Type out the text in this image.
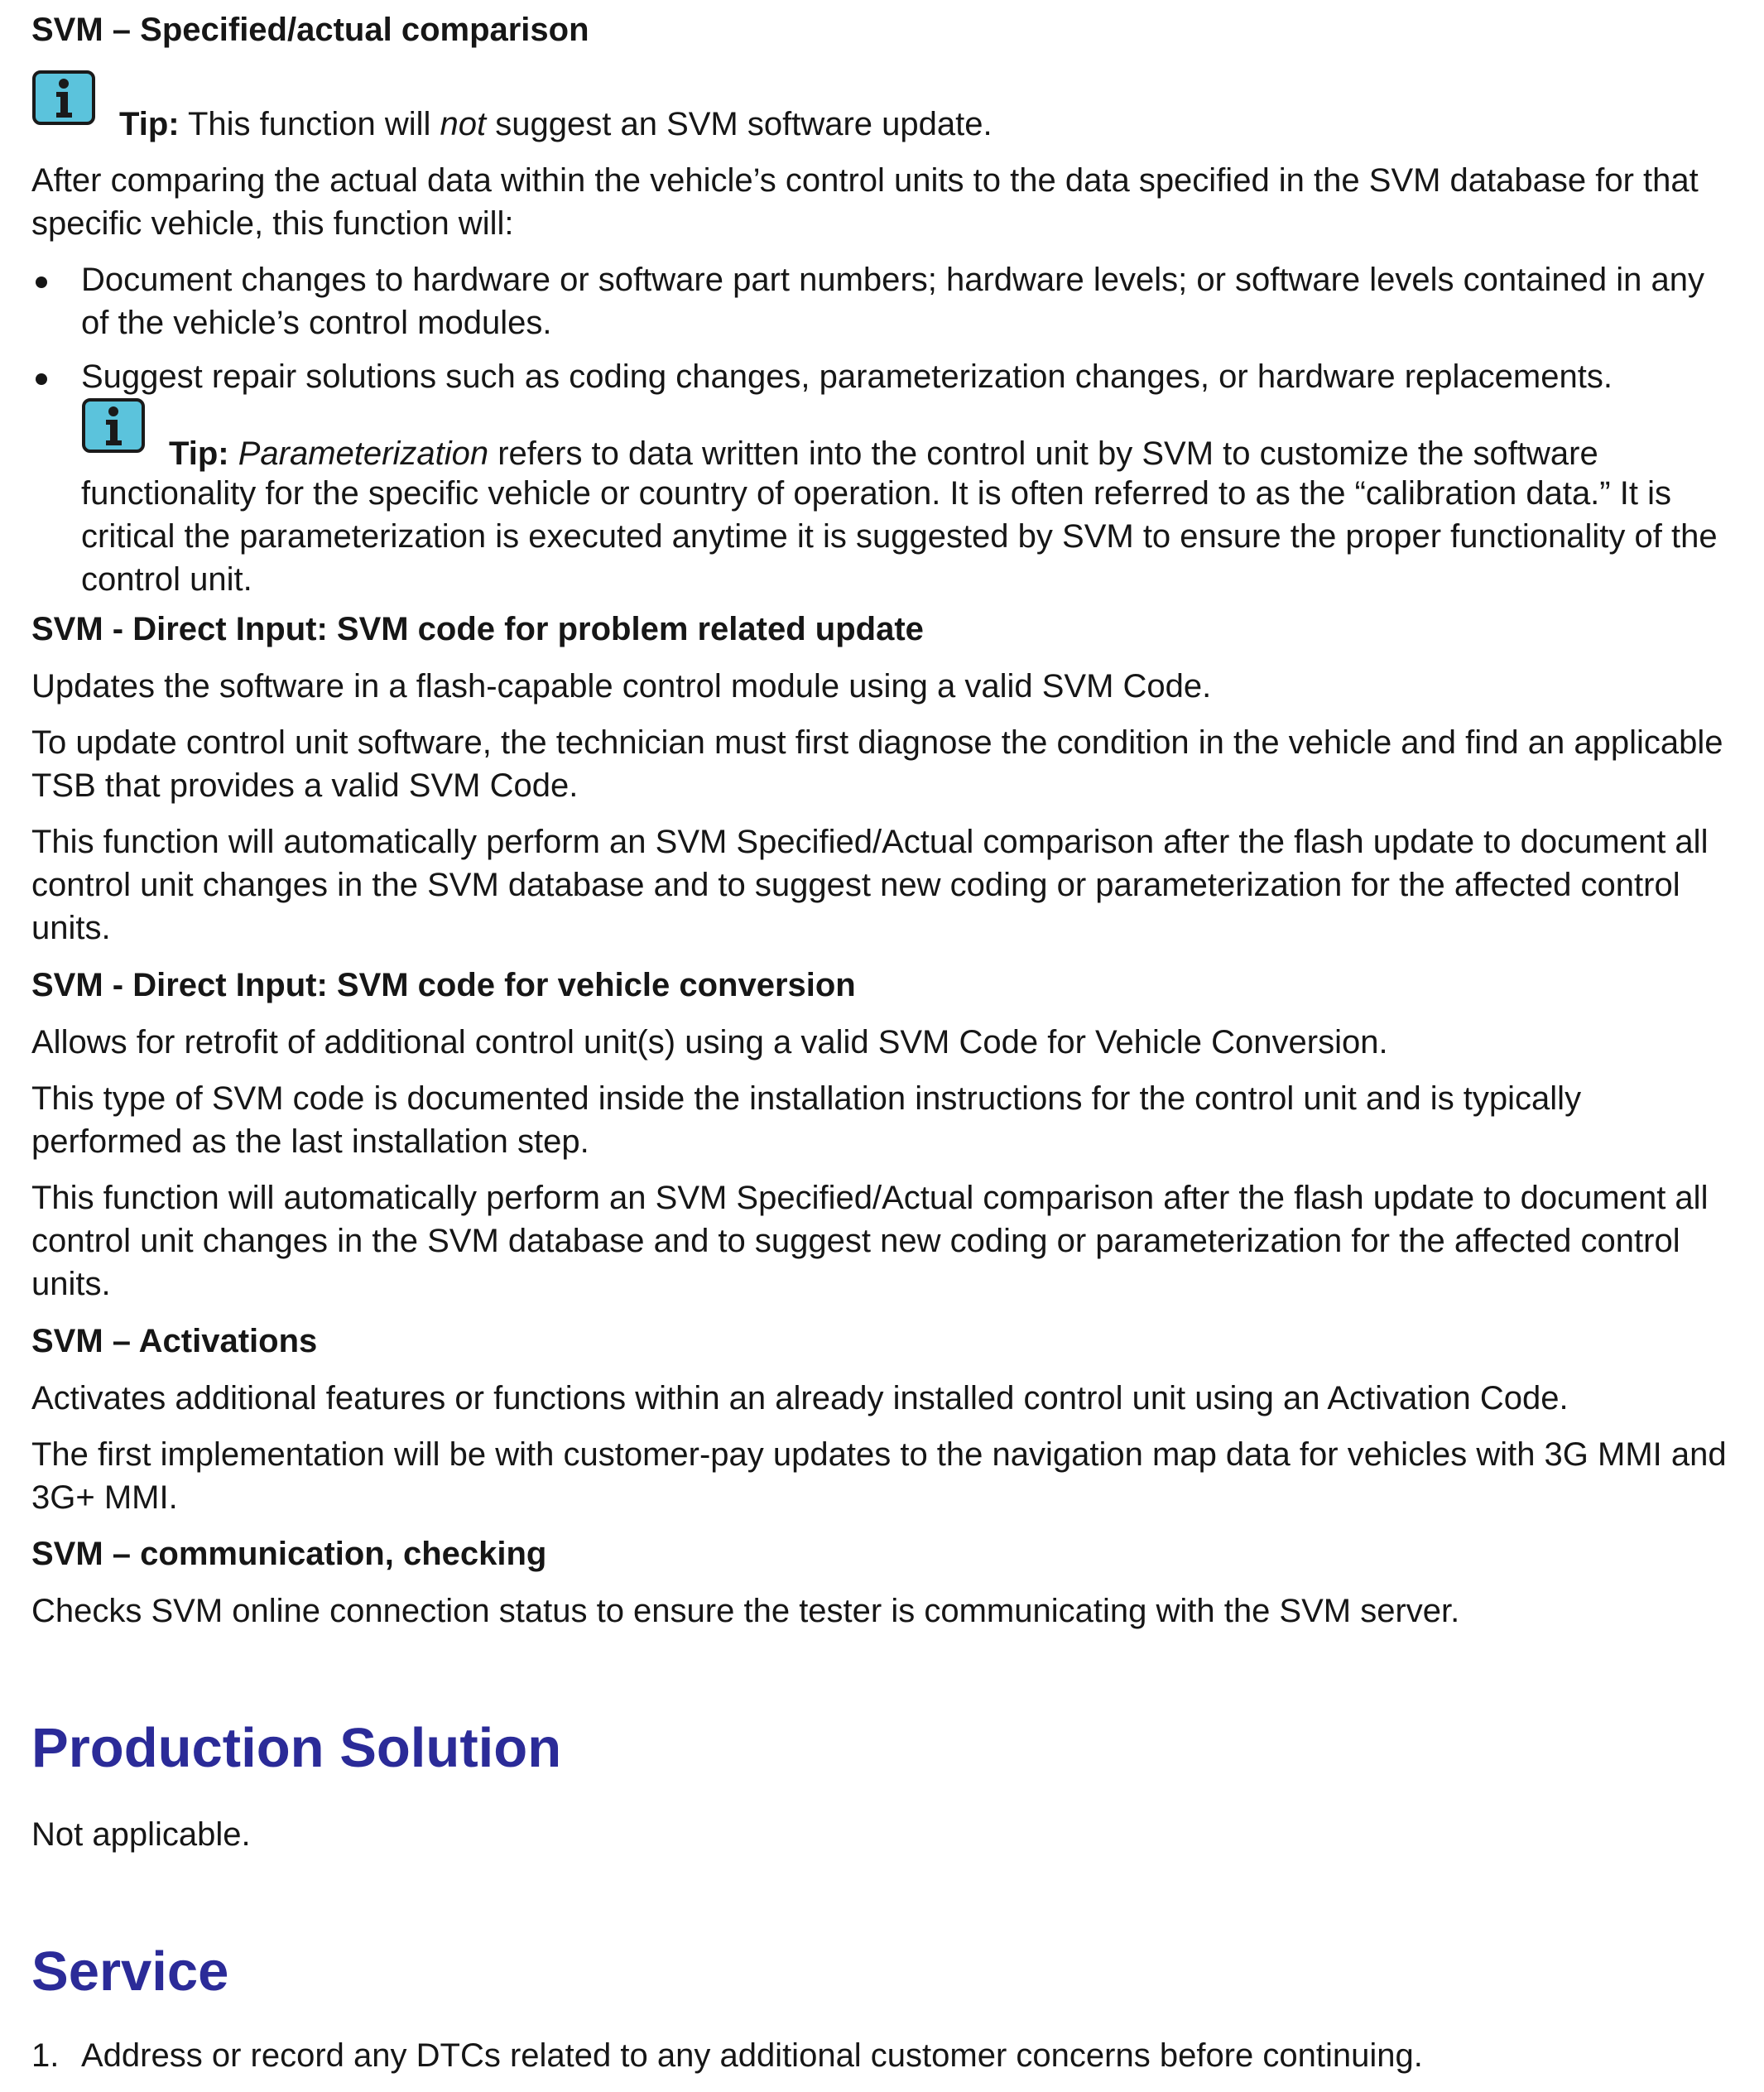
SVM – Specified/actual comparison

Tip: This function will not suggest an SVM software update.

After comparing the actual data within the vehicle’s control units to the data specified in the SVM database for that specific vehicle, this function will:

Document changes to hardware or software part numbers; hardware levels; or software levels contained in any of the vehicle’s control modules.

Suggest repair solutions such as coding changes, parameterization changes, or hardware replacements.

Tip: Parameterization refers to data written into the control unit by SVM to customize the software

functionality for the specific vehicle or country of operation. It is often referred to as the “calibration data.” It is critical the parameterization is executed anytime it is suggested by SVM to ensure the proper functionality of the control unit.

SVM - Direct Input: SVM code for problem related update

Updates the software in a flash-capable control module using a valid SVM Code.

To update control unit software, the technician must first diagnose the condition in the vehicle and find an applicable TSB that provides a valid SVM Code.

This function will automatically perform an SVM Specified/Actual comparison after the flash update to document all control unit changes in the SVM database and to suggest new coding or parameterization for the affected control units.

SVM - Direct Input: SVM code for vehicle conversion

Allows for retrofit of additional control unit(s) using a valid SVM Code for Vehicle Conversion.

This type of SVM code is documented inside the installation instructions for the control unit and is typically performed as the last installation step.

This function will automatically perform an SVM Specified/Actual comparison after the flash update to document all control unit changes in the SVM database and to suggest new coding or parameterization for the affected control units.

SVM – Activations

Activates additional features or functions within an already installed control unit using an Activation Code.

The first implementation will be with customer-pay updates to the navigation map data for vehicles with 3G MMI and 3G+ MMI.

SVM – communication, checking

Checks SVM online connection status to ensure the tester is communicating with the SVM server.

Production Solution

Not applicable.

Service

1. Address or record any DTCs related to any additional customer concerns before continuing.
